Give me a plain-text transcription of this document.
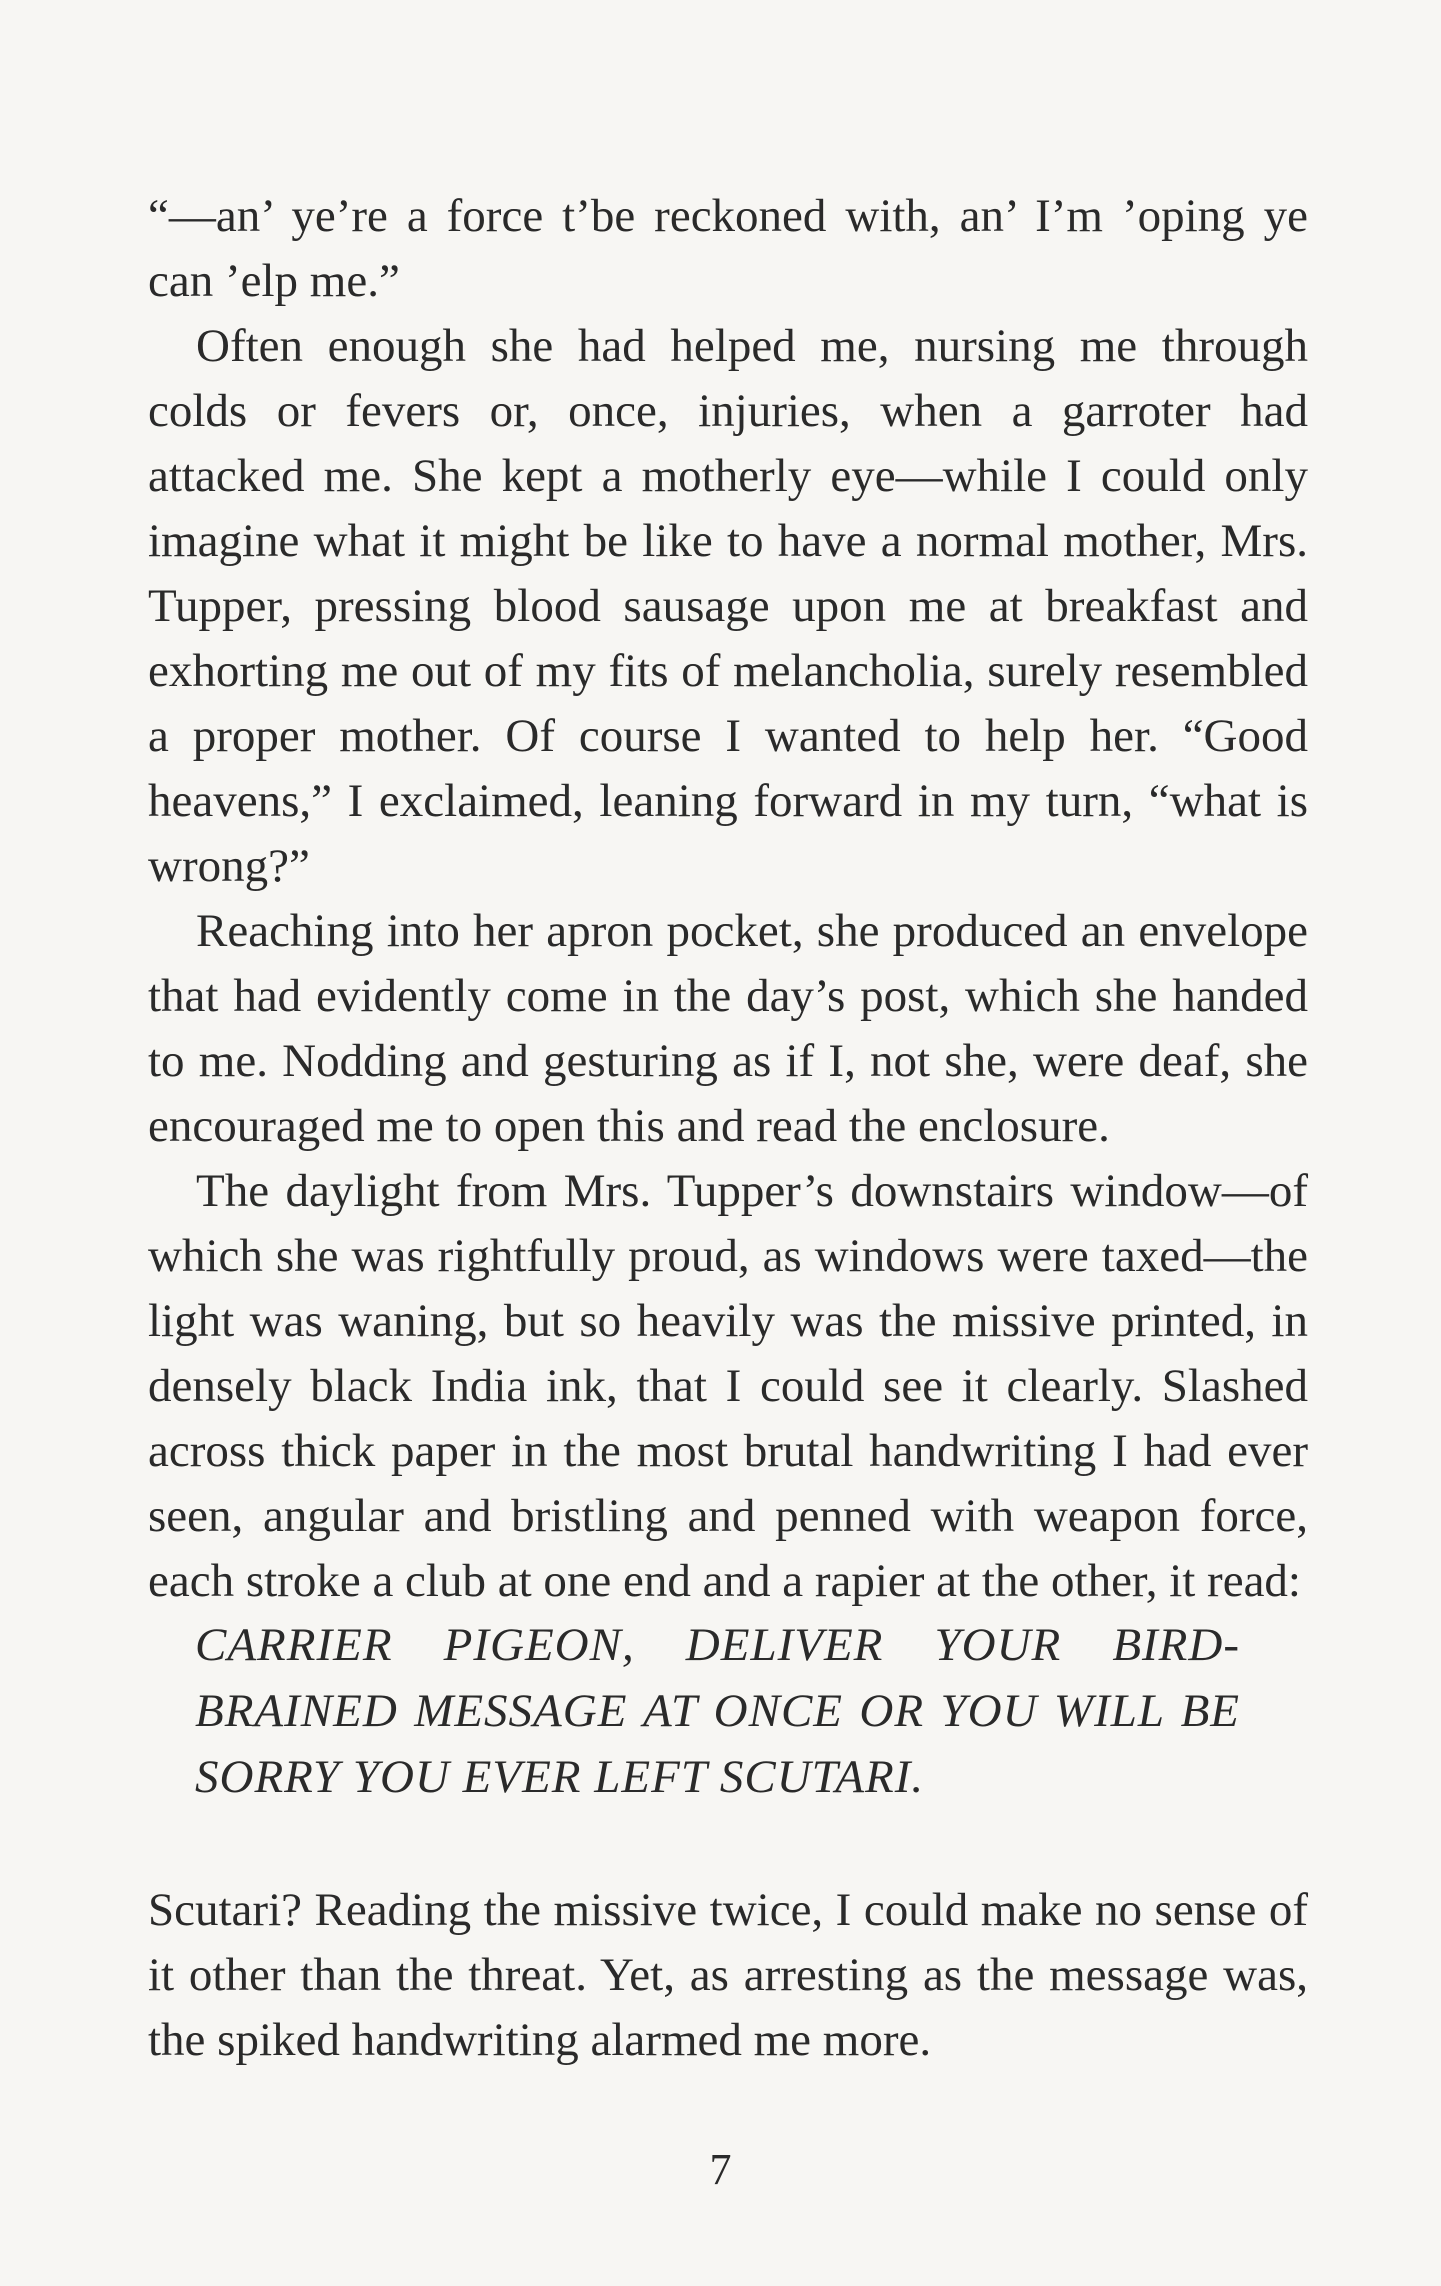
“—an’ ye’re a force t’be reckoned with, an’ I’m ’oping ye can ’elp me.”

Often enough she had helped me, nursing me through colds or fevers or, once, injuries, when a garroter had attacked me. She kept a motherly eye—while I could only imagine what it might be like to have a normal mother, Mrs. Tupper, pressing blood sausage upon me at breakfast and exhorting me out of my fits of melancholia, surely resembled a proper mother. Of course I wanted to help her. “Good heavens,” I exclaimed, leaning forward in my turn, “what is wrong?”

Reaching into her apron pocket, she produced an envelope that had evidently come in the day’s post, which she handed to me. Nodding and gesturing as if I, not she, were deaf, she encouraged me to open this and read the enclosure.

The daylight from Mrs. Tupper’s downstairs window—of which she was rightfully proud, as windows were taxed—the light was waning, but so heavily was the missive printed, in densely black India ink, that I could see it clearly. Slashed across thick paper in the most brutal handwriting I had ever seen, angular and bristling and penned with weapon force, each stroke a club at one end and a rapier at the other, it read:

CARRIER PIGEON, DELIVER YOUR BIRD-BRAINED MESSAGE AT ONCE OR YOU WILL BE SORRY YOU EVER LEFT SCUTARI.

Scutari? Reading the missive twice, I could make no sense of it other than the threat. Yet, as arresting as the message was, the spiked handwriting alarmed me more.

7
